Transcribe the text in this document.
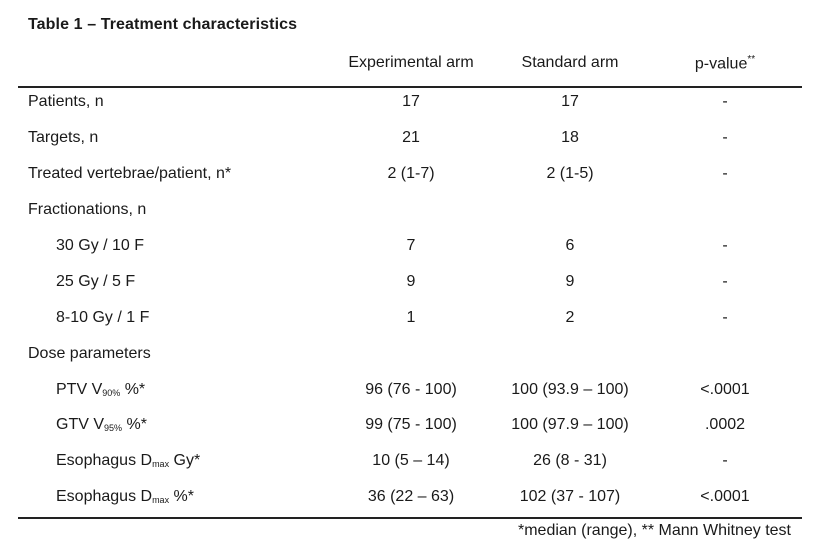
Table 1 – Treatment characteristics
Experimental arm	Standard arm	p-value**
Patients, n	17	17	-
Targets, n	21	18	-
Treated vertebrae/patient, n*	2 (1-7)	2 (1-5)	-
Fractionations, n
30 Gy / 10 F	7	6	-
25 Gy / 5 F	9	9	-
8-10 Gy / 1 F	1	2	-
Dose parameters
PTV $V_{90\%}$ %*	96 (76 - 100)	100 (93.9 – 100)	<.0001
GTV $V_{95\%}$ %*	99 (75 - 100)	100 (97.9 – 100)	.0002
Esophagus $D_{max}$ Gy*	10 (5 – 14)	26 (8 - 31)	-
Esophagus $D_{max}$ %*	36 (22 – 63)	102 (37 - 107)	<.0001
*median (range), ** Mann Whitney test
